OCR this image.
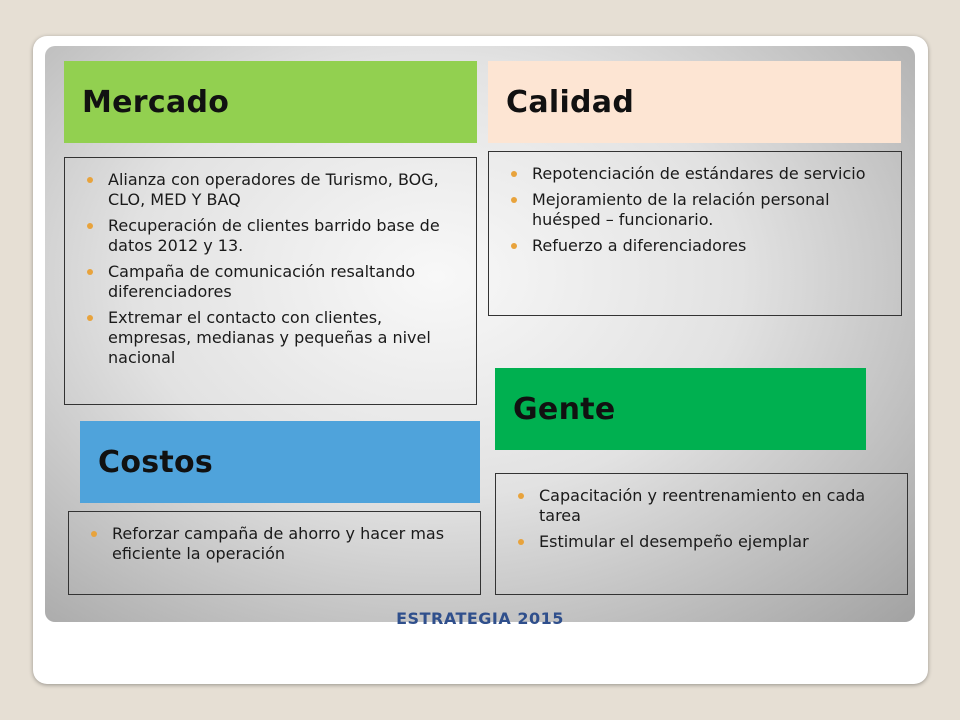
Mercado
Alianza con operadores de Turismo, BOG, CLO, MED Y BAQ
Recuperación de clientes barrido base de datos 2012 y 13.
Campaña de comunicación resaltando diferenciadores
Extremar el contacto con clientes, empresas, medianas y pequeñas a nivel nacional
Calidad
Repotenciación de estándares de servicio
Mejoramiento de la relación personal huésped – funcionario.
Refuerzo a diferenciadores
Gente
Capacitación y reentrenamiento en cada tarea
Estimular el desempeño ejemplar
Costos
Reforzar campaña de ahorro y hacer mas eficiente la operación
ESTRATEGIA 2015
